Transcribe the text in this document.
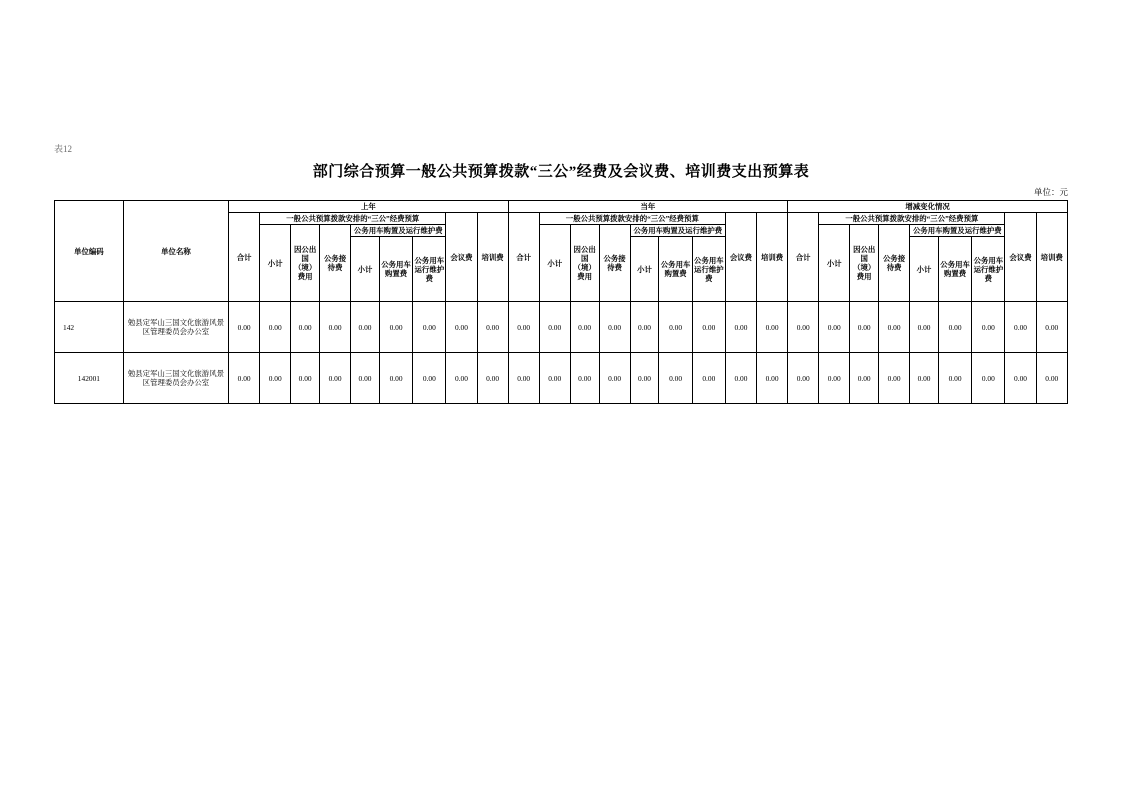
表12
部门综合预算一般公共预算拨款“三公”经费及会议费、培训费支出预算表
单位：元
单位编码	单位名称	上年									当年									增减变化情况								
		合计	一般公共预算拨款安排的“三公”经费预算						会议费	培训费	合计	一般公共预算拨款安排的“三公”经费预算						会议费	培训费	合计	一般公共预算拨款安排的“三公”经费预算						会议费	培训费
			小计	因公出国（境）费用	公务接待费	公务用车购置及运行维护费						小计	因公出国（境）费用	公务接待费	公务用车购置及运行维护费						小计	因公出国（境）费用	公务接待费	公务用车购置及运行维护费				
						小计	公务用车购置费	公务用车运行维护费							小计	公务用车购置费	公务用车运行维护费							小计	公务用车购置费	公务用车运行维护费		
142	勉县定军山三国文化旅游风景区管理委员会办公室	0.00	0.00	0.00	0.00	0.00	0.00	0.00	0.00	0.00	0.00	0.00	0.00	0.00	0.00	0.00	0.00	0.00	0.00	0.00	0.00	0.00	0.00	0.00	0.00	0.00	0.00	0.00
142001	勉县定军山三国文化旅游风景区管理委员会办公室	0.00	0.00	0.00	0.00	0.00	0.00	0.00	0.00	0.00	0.00	0.00	0.00	0.00	0.00	0.00	0.00	0.00	0.00	0.00	0.00	0.00	0.00	0.00	0.00	0.00	0.00	0.00
